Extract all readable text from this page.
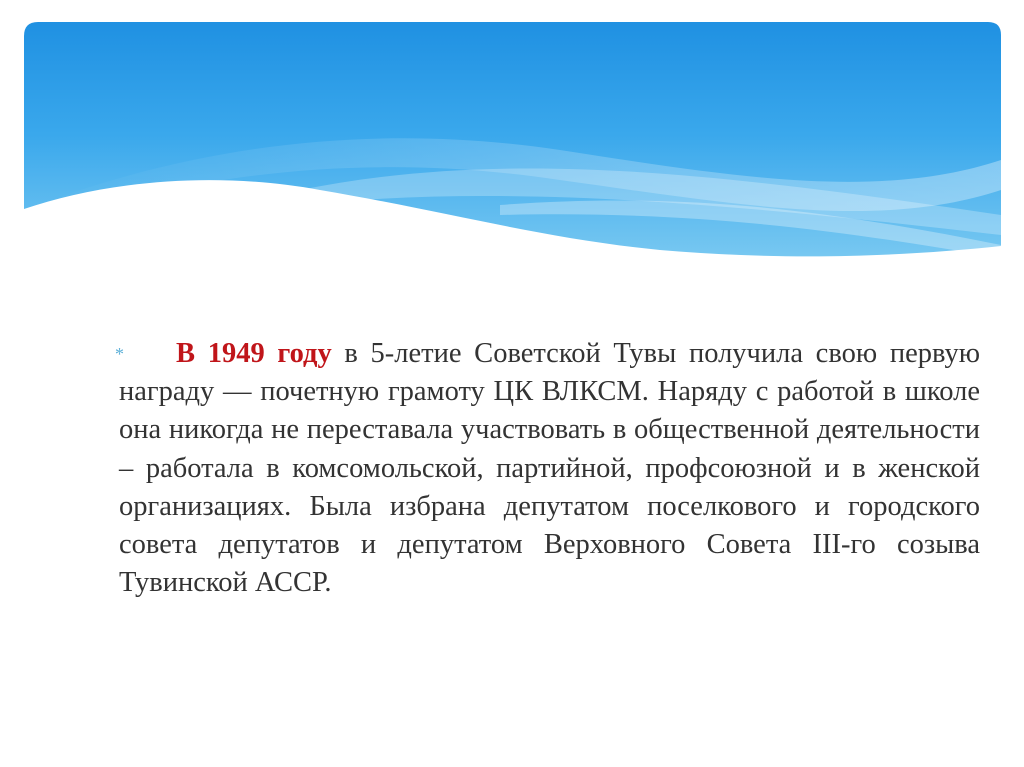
*	В 1949 году в 5-летие Советской Тувы получила свою первую награду — почетную грамоту ЦК ВЛКСМ. Наряду с работой в школе она никогда не переставала участвовать в общественной деятельности – работала в комсомольской, партийной, профсоюзной и в женской организациях. Была избрана депутатом поселкового и городского совета депутатов и депутатом Верховного Совета III-го созыва Тувинской АССР.
